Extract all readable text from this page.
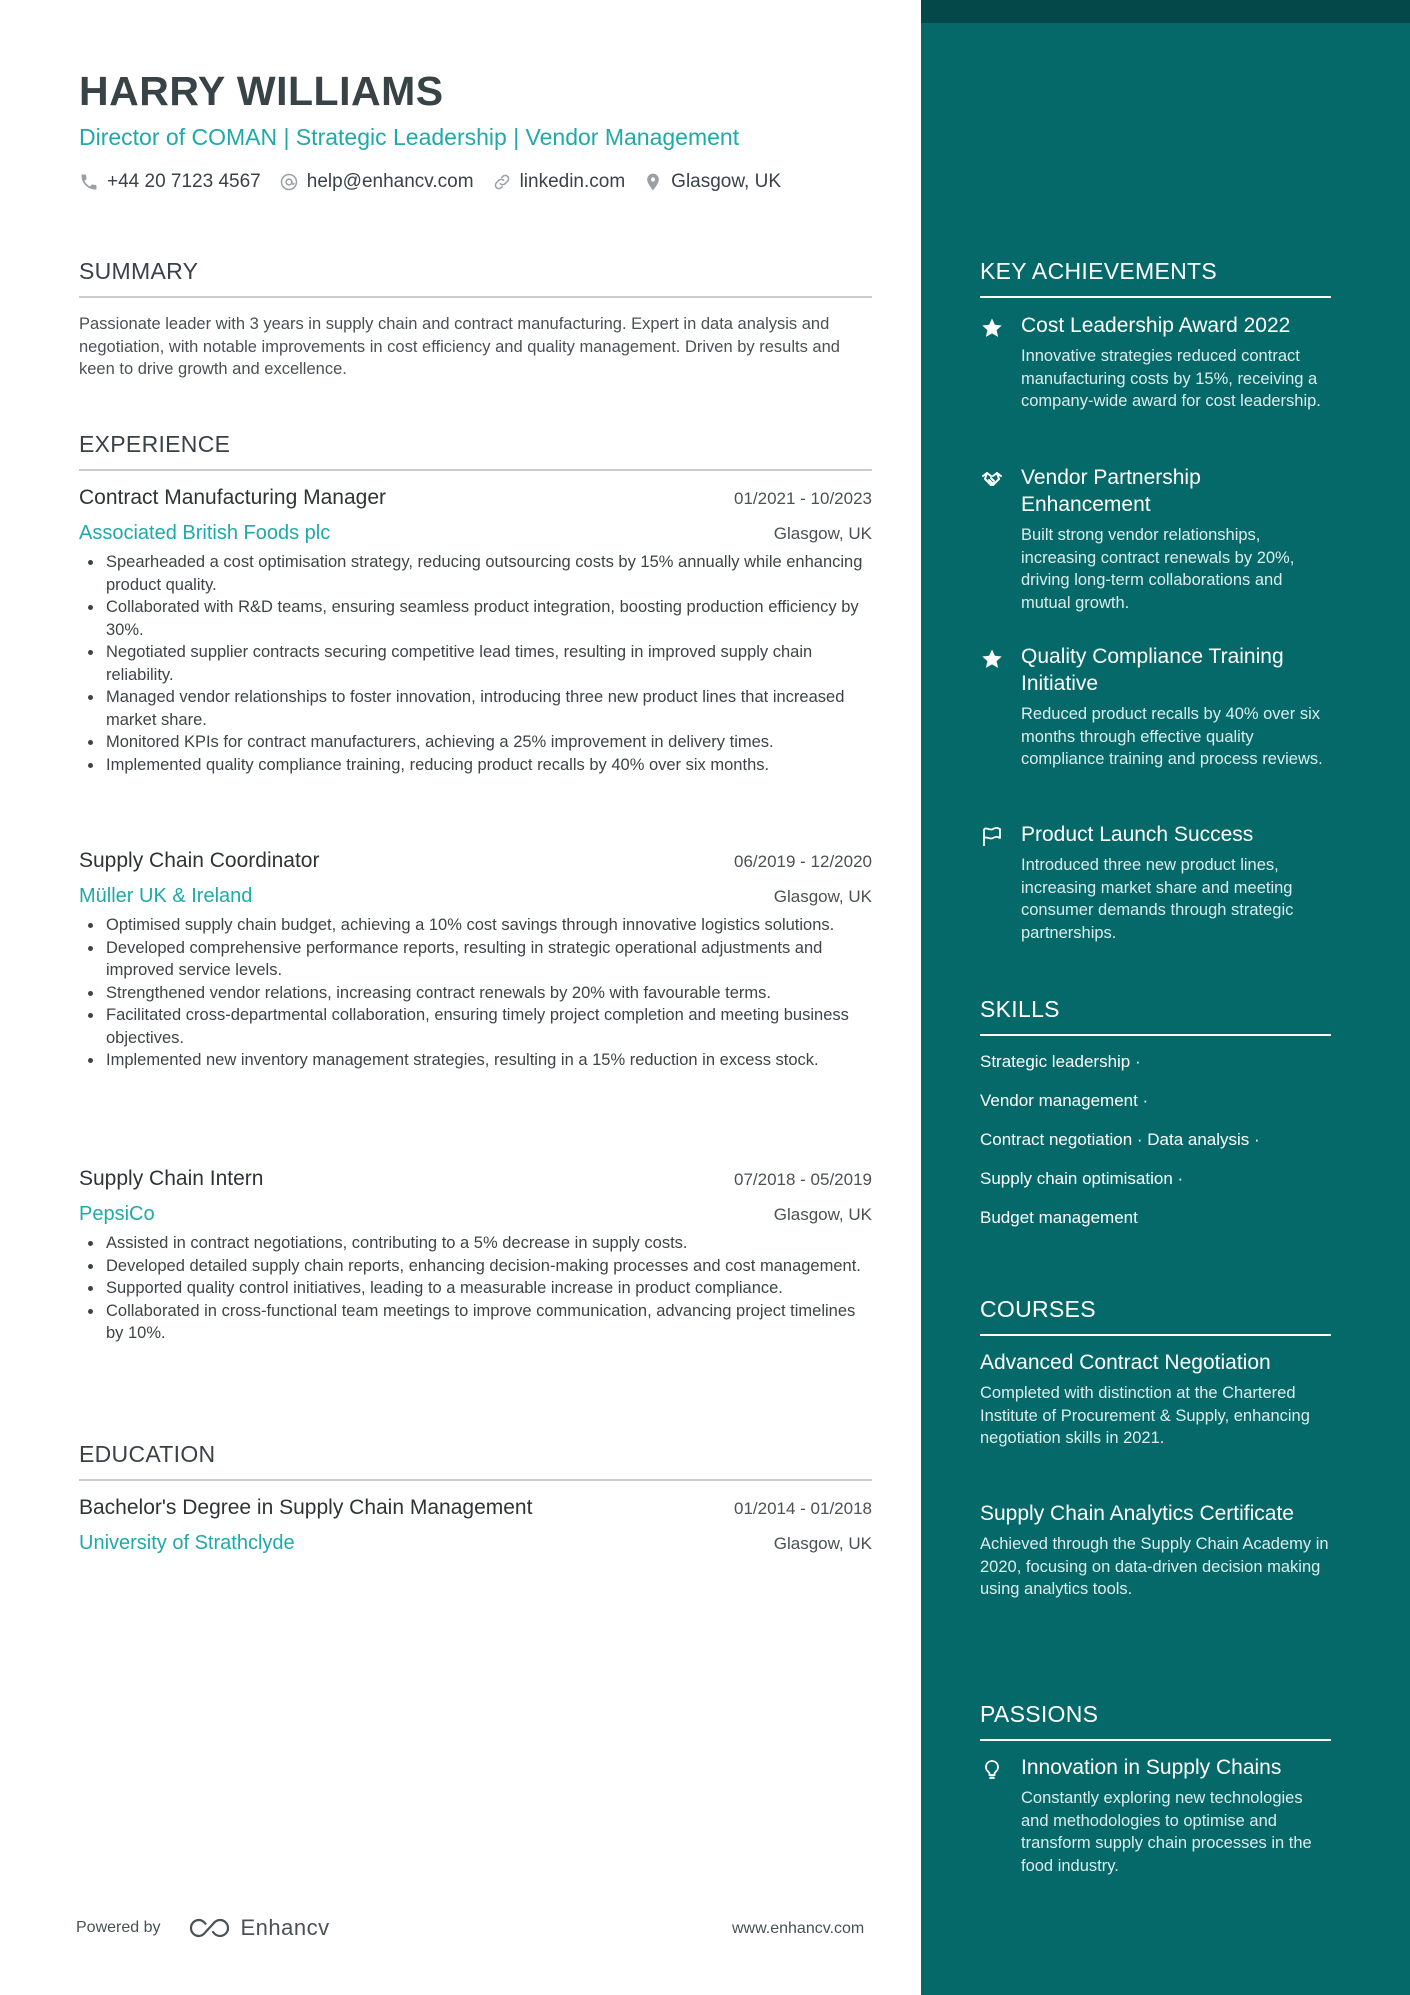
HARRY WILLIAMS
Director of COMAN | Strategic Leadership | Vendor Management
+44 20 7123 4567 help@enhancv.com linkedin.com Glasgow, UK
SUMMARY
Passionate leader with 3 years in supply chain and contract manufacturing. Expert in data analysis and negotiation, with notable improvements in cost efficiency and quality management. Driven by results and keen to drive growth and excellence.
EXPERIENCE
Contract Manufacturing Manager	01/2021 - 10/2023
Associated British Foods plc	Glasgow, UK
Spearheaded a cost optimisation strategy, reducing outsourcing costs by 15% annually while enhancing product quality.
Collaborated with R&D teams, ensuring seamless product integration, boosting production efficiency by 30%.
Negotiated supplier contracts securing competitive lead times, resulting in improved supply chain reliability.
Managed vendor relationships to foster innovation, introducing three new product lines that increased market share.
Monitored KPIs for contract manufacturers, achieving a 25% improvement in delivery times.
Implemented quality compliance training, reducing product recalls by 40% over six months.
Supply Chain Coordinator	06/2019 - 12/2020
Müller UK & Ireland	Glasgow, UK
Optimised supply chain budget, achieving a 10% cost savings through innovative logistics solutions.
Developed comprehensive performance reports, resulting in strategic operational adjustments and improved service levels.
Strengthened vendor relations, increasing contract renewals by 20% with favourable terms.
Facilitated cross-departmental collaboration, ensuring timely project completion and meeting business objectives.
Implemented new inventory management strategies, resulting in a 15% reduction in excess stock.
Supply Chain Intern	07/2018 - 05/2019
PepsiCo	Glasgow, UK
Assisted in contract negotiations, contributing to a 5% decrease in supply costs.
Developed detailed supply chain reports, enhancing decision-making processes and cost management.
Supported quality control initiatives, leading to a measurable increase in product compliance.
Collaborated in cross-functional team meetings to improve communication, advancing project timelines by 10%.
EDUCATION
Bachelor's Degree in Supply Chain Management	01/2014 - 01/2018
University of Strathclyde	Glasgow, UK
Powered by	Enhancv	www.enhancv.com
KEY ACHIEVEMENTS
Cost Leadership Award 2022
Innovative strategies reduced contract manufacturing costs by 15%, receiving a company-wide award for cost leadership.
Vendor Partnership Enhancement
Built strong vendor relationships, increasing contract renewals by 20%, driving long-term collaborations and mutual growth.
Quality Compliance Training Initiative
Reduced product recalls by 40% over six months through effective quality compliance training and process reviews.
Product Launch Success
Introduced three new product lines, increasing market share and meeting consumer demands through strategic partnerships.
SKILLS
Strategic leadership ·
Vendor management ·
Contract negotiation · Data analysis ·
Supply chain optimisation ·
Budget management
COURSES
Advanced Contract Negotiation
Completed with distinction at the Chartered Institute of Procurement & Supply, enhancing negotiation skills in 2021.
Supply Chain Analytics Certificate
Achieved through the Supply Chain Academy in 2020, focusing on data-driven decision making using analytics tools.
PASSIONS
Innovation in Supply Chains
Constantly exploring new technologies and methodologies to optimise and transform supply chain processes in the food industry.
